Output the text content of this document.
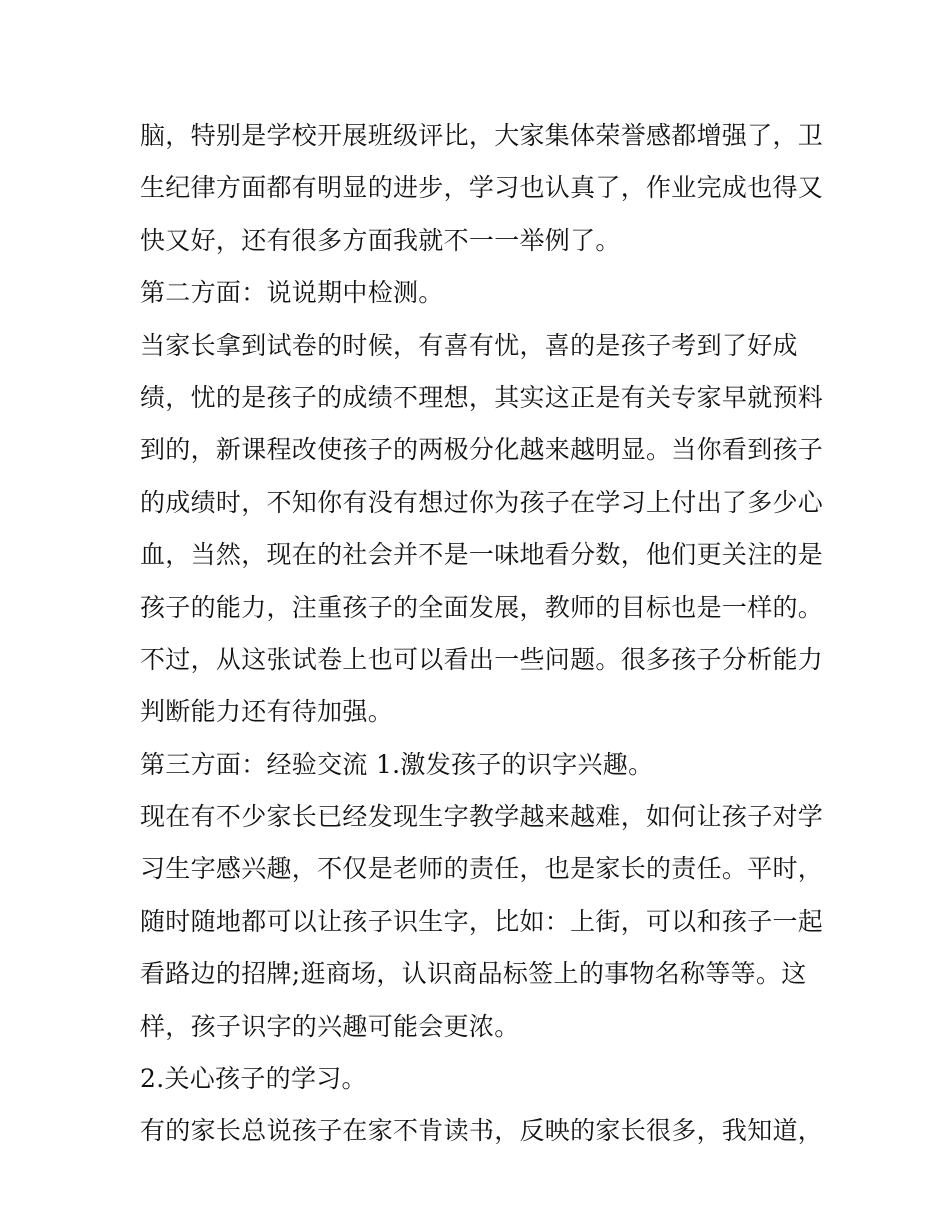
脑，特别是学校开展班级评比，大家集体荣誉感都增强了，卫
生纪律方面都有明显的进步，学习也认真了，作业完成也得又
快又好，还有很多方面我就不一一举例了。
第二方面：说说期中检测。
当家长拿到试卷的时候，有喜有忧，喜的是孩子考到了好成
绩，忧的是孩子的成绩不理想，其实这正是有关专家早就预料
到的，新课程改使孩子的两极分化越来越明显。当你看到孩子
的成绩时，不知你有没有想过你为孩子在学习上付出了多少心
血，当然，现在的社会并不是一味地看分数，他们更关注的是
孩子的能力，注重孩子的全面发展，教师的目标也是一样的。
不过，从这张试卷上也可以看出一些问题。很多孩子分析能力
判断能力还有待加强。
第三方面：经验交流 1.激发孩子的识字兴趣。
现在有不少家长已经发现生字教学越来越难，如何让孩子对学
习生字感兴趣，不仅是老师的责任，也是家长的责任。平时，
随时随地都可以让孩子识生字，比如：上街，可以和孩子一起
看路边的招牌;逛商场，认识商品标签上的事物名称等等。这
样，孩子识字的兴趣可能会更浓。
2.关心孩子的学习。
有的家长总说孩子在家不肯读书，反映的家长很多，我知道，
